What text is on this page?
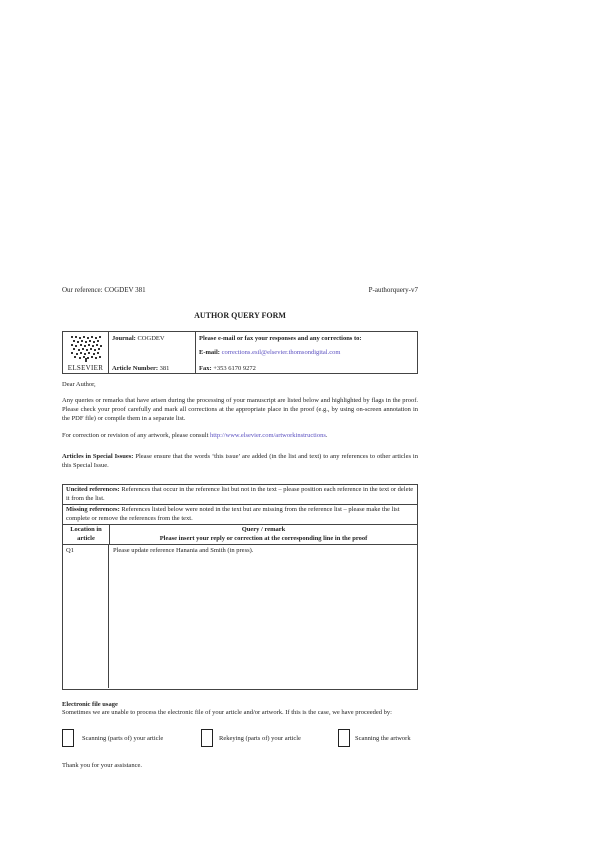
Our reference: COGDEV 381	P-authorquery-v7
AUTHOR QUERY FORM
ELSEVIER
Journal: COGDEV
Article Number: 381
Please e-mail or fax your responses and any corrections to:
E-mail: corrections.esil@elsevier.thomsondigital.com
Fax: +353 6170 9272
Dear Author,
Any queries or remarks that have arisen during the processing of your manuscript are listed below and highlighted by flags in the proof. Please check your proof carefully and mark all corrections at the appropriate place in the proof (e.g., by using on-screen annotation in the PDF file) or compile them in a separate list.
For correction or revision of any artwork, please consult http://www.elsevier.com/artworkinstructions.
Articles in Special Issues: Please ensure that the words ‘this issue’ are added (in the list and text) to any references to other articles in this Special Issue.
Uncited references: References that occur in the reference list but not in the text – please position each reference in the text or delete it from the list.
Missing references: References listed below were noted in the text but are missing from the reference list – please make the list complete or remove the references from the text.
Location in article
Query / remark
Please insert your reply or correction at the corresponding line in the proof
Q1	Please update reference Hanania and Smith (in press).
Electronic file usage
Sometimes we are unable to process the electronic file of your article and/or artwork. If this is the case, we have proceeded by:
Scanning (parts of) your article	Rekeying (parts of) your article	Scanning the artwork
Thank you for your assistance.
